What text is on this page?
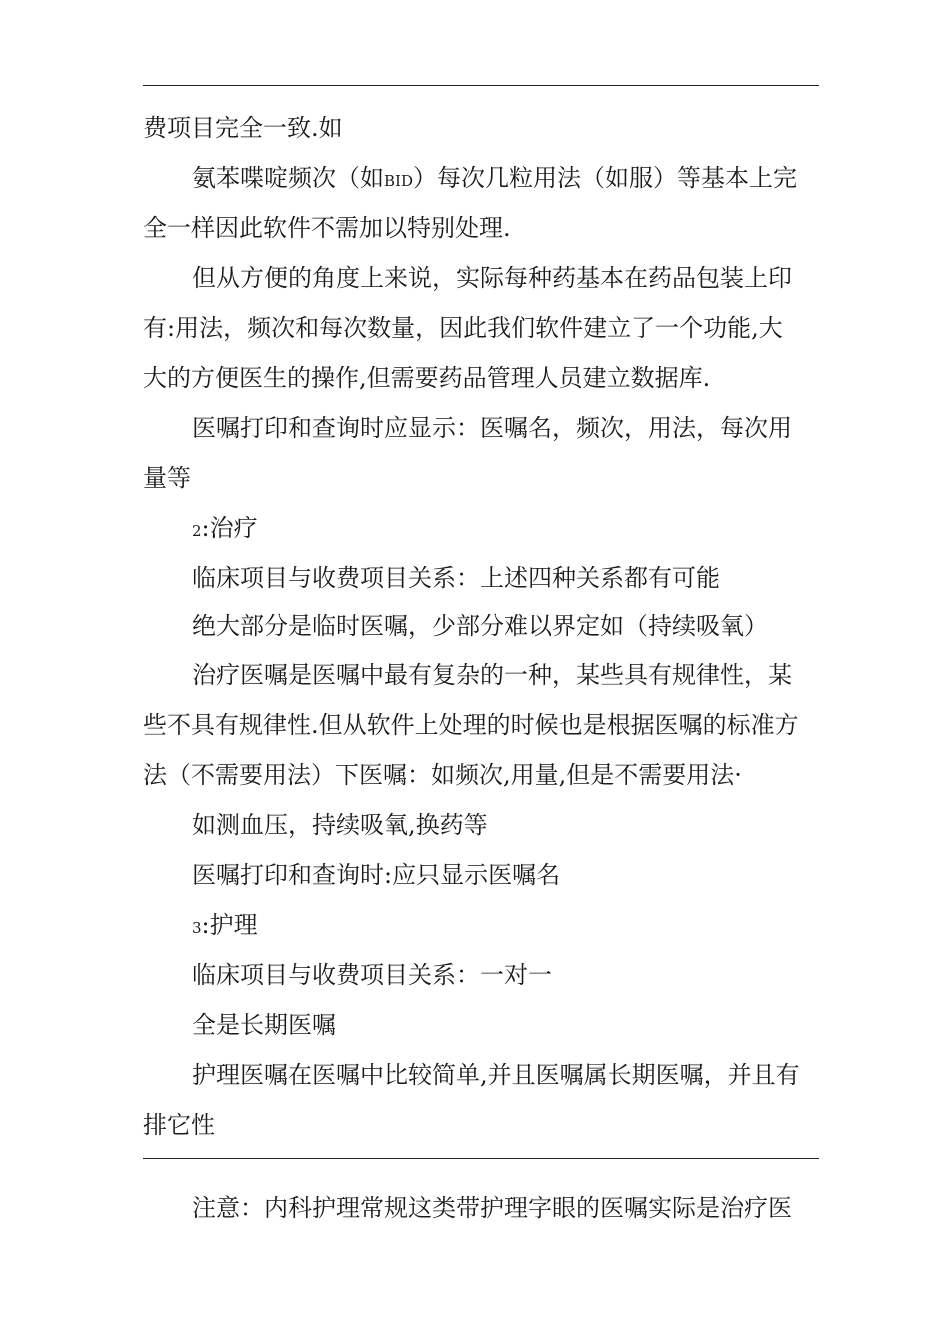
费项目完全一致.如
氨苯喋啶频次（如BID）每次几粒用法（如服）等基本上完
全一样因此软件不需加以特别处理.
但从方便的角度上来说，实际每种药基本在药品包装上印
有:用法，频次和每次数量，因此我们软件建立了一个功能,大
大的方便医生的操作,但需要药品管理人员建立数据库.
医嘱打印和查询时应显示：医嘱名，频次，用法，每次用
量等
2:治疗
临床项目与收费项目关系：上述四种关系都有可能
绝大部分是临时医嘱，少部分难以界定如（持续吸氧）
治疗医嘱是医嘱中最有复杂的一种，某些具有规律性，某
些不具有规律性.但从软件上处理的时候也是根据医嘱的标准方
法（不需要用法）下医嘱：如频次,用量,但是不需要用法·
如测血压，持续吸氧,换药等
医嘱打印和查询时:应只显示医嘱名
3:护理
临床项目与收费项目关系：一对一
全是长期医嘱
护理医嘱在医嘱中比较简单,并且医嘱属长期医嘱，并且有
排它性
注意：内科护理常规这类带护理字眼的医嘱实际是治疗医
